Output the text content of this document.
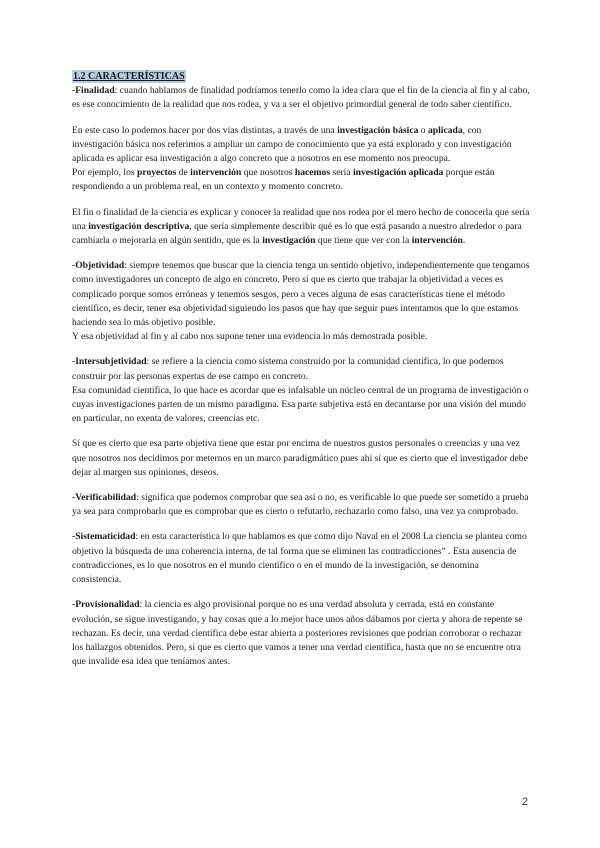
1.2 CARACTERÍSTICAS

-Finalidad: cuando hablamos de finalidad podríamos tenerlo como la idea clara que el fin de la ciencia al fin y al cabo, es ese conocimiento de la realidad que nos rodea, y va a ser el objetivo primordial general de todo saber científico.

En este caso lo podemos hacer por dos vías distintas, a través de una investigación básica o aplicada, con investigación básica nos referimos a ampliar un campo de conocimiento que ya está explorado y con investigación aplicada es aplicar esa investigación a algo concreto que a nosotros en ese momento nos preocupa.

Por ejemplo, los proyectos de intervención que nosotros hacemos sería investigación aplicada porque están respondiendo a un problema real, en un contexto y momento concreto.

El fin o finalidad de la ciencia es explicar y conocer la realidad que nos rodea por el mero hecho de conocerla que sería una investigación descriptiva, que sería simplemente describir qué es lo que está pasando a nuestro alrededor o para cambiarla o mejorarla en algún sentido, que es la investigación que tiene que ver con la intervención.

-Objetividad: siempre tenemos que buscar que la ciencia tenga un sentido objetivo, independientemente que tengamos como investigadores un concepto de algo en concreto. Pero sí que es cierto que trabajar la objetividad a veces es complicado porque somos erróneas y tenemos sesgos, pero a veces alguna de esas características tiene el método científico, es decir, tener esa objetividad siguiendo los pasos que hay que seguir pues intentamos que lo que estamos haciendo sea lo más objetivo posible.

Y esa objetividad al fin y al cabo nos supone tener una evidencia lo más demostrada posible.

-Intersubjetividad: se refiere a la ciencia como sistema construido por la comunidad científica, lo que podemos construir por las personas expertas de ese campo en concreto.

Esa comunidad científica, lo que hace es acordar que es infalsable un núcleo central de un programa de investigación o cuyas investigaciones parten de un mismo paradigma. Esa parte subjetiva está en decantarse por una visión del mundo en particular, no exenta de valores, creencias etc.

Sí que es cierto que esa parte objetiva tiene que estar por encima de nuestros gustos personales o creencias y una vez que nosotros nos decidimos por meternos en un marco paradigmático pues ahí sí que es cierto que el investigador debe dejar al margen sus opiniones, deseos.

-Verificabilidad: significa que podemos comprobar que sea así o no, es verificable lo que puede ser sometido a prueba ya sea para comprobarlo que es comprobar que es cierto o refutarlo, rechazarlo como falso, una vez ya comprobado.

-Sistematicidad: en esta característica lo que hablamos es que como dijo Naval en el 2008 La ciencia se plantea como objetivo la búsqueda de una coherencia interna, de tal forma que se eliminen las contradicciones” . Esta ausencia de contradicciones, es lo que nosotros en el mundo científico o en el mundo de la investigación, se denomina consistencia.

-Provisionalidad: la ciencia es algo provisional porque no es una verdad absoluta y cerrada, está en constante evolución, se sigue investigando, y hay cosas que a lo mejor hace unos años dábamos por cierta y ahora de repente se rechazan. Es decir, una verdad científica debe estar abierta a posteriores revisiones que podrían corroborar o rechazar los hallazgos obtenidos. Pero, si que es cierto que vamos a tener una verdad científica, hasta que no se encuentre otra que invalide esa idea que teníamos antes.

2
